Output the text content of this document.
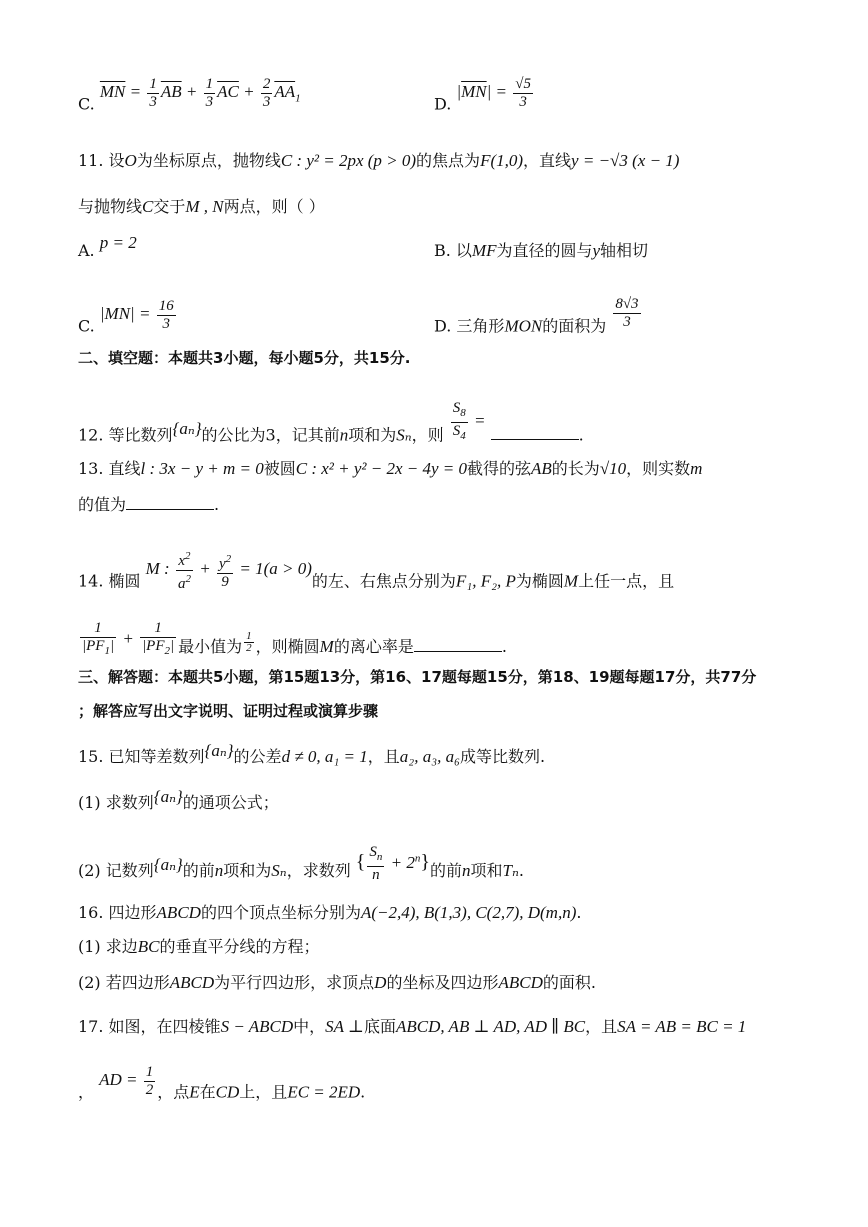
C. $\overline{MN} = \frac{1}{3} \overline{AB} + \frac{1}{3} \overline{AC} + \frac{2}{3} \overline{AA}_1$	D. $|\overline{MN}| = \frac{√5}{3}$
11. 设O为坐标原点，抛物线C : y² = 2px (p > 0)的焦点为F(1,0)，直线y = −√3 (x − 1)
与抛物线C交于M , N两点，则（ ）
A. p = 2	B. 以MF为直径的圆与y轴相切
C. $|MN| = \frac{16}{3}$	D. 三角形MON的面积为 $\frac{8√3}{3}$
二、填空题：本题共3小题，每小题5分，共15分.
12. 等比数列{aₙ}的公比为3，记其前n项和为Sₙ，则 $\frac{S_8}{S_4}$ = .
13. 直线l : 3x − y + m = 0被圆C : x² + y² − 2x − 4y = 0截得的弦AB的长为√10，则实数m
的值为	.
14. 椭圆 M : $\frac{x^2}{a^2} + \frac{y^2}{9} = 1(a > 0)$的左、右焦点分别为F₁, F₂, P为椭圆M上任一点，且
$\frac{1}{|PF_1|} + \frac{1}{|PF_2|}$ 最小值为 $\frac{1}{2}$ ，则椭圆M的离心率是	.
三、解答题：本题共5小题，第15题13分，第16、17题每题15分，第18、19题每题17分，共77分
；解答应写出文字说明、证明过程或演算步骤
15. 已知等差数列{aₙ}的公差d ≠ 0, a₁ = 1，且a₂, a₃, a₆成等比数列.
(1) 求数列{aₙ}的通项公式；
(2) 记数列{aₙ}的前n项和为Sₙ，求数列 { $\frac{S_n}{n} + 2^n$}的前n项和Tₙ.
16. 四边形ABCD的四个顶点坐标分别为A(−2,4), B(1,3), C(2,7), D(m,n).
(1) 求边BC的垂直平分线的方程；
(2) 若四边形ABCD为平行四边形，求顶点D的坐标及四边形ABCD的面积.
17. 如图，在四棱锥S − ABCD中，SA ⊥底面ABCD, AB ⊥ AD, AD ∥ BC，且SA = AB = BC = 1
， AD = $\frac{1}{2}$ ，点E在CD上，且EC = 2ED.
